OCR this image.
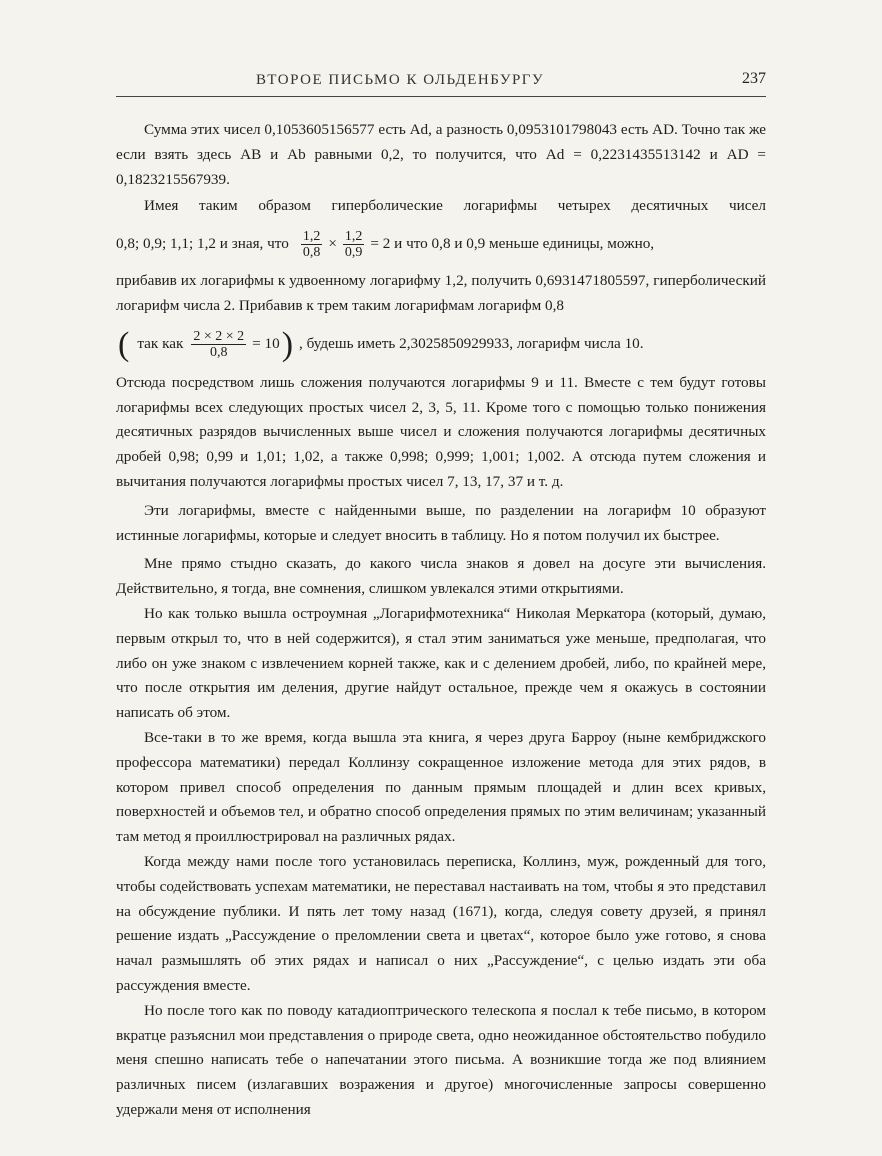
ВТОРОЕ ПИСЬМО К ОЛЬДЕНБУРГУ	237

Сумма этих чисел 0,1053605156577 есть Ad, а разность 0,0953101798043 есть AD. Точно так же если взять здесь AB и Ab равными 0,2, то получится, что Ad = 0,2231435513142 и AD = 0,1823215567939.

Имея таким образом гиперболические логарифмы четырех десятичных чисел

0,8; 0,9; 1,1; 1,2 и зная, что $\frac{1,2}{0,8} \times \frac{1,2}{0,9} = 2$ и что 0,8 и 0,9 меньше единицы, можно,

прибавив их логарифмы к удвоенному логарифму 1,2, получить 0,6931471805597, гиперболический логарифм числа 2. Прибавив к трем таким логарифмам логарифм 0,8

( так как $\frac{2 \times 2 \times 2}{0,8} = 10$ ) , будешь иметь 2,3025850929933, логарифм числа 10.

Отсюда посредством лишь сложения получаются логарифмы 9 и 11. Вместе с тем будут готовы логарифмы всех следующих простых чисел 2, 3, 5, 11. Кроме того с помощью только понижения десятичных разрядов вычисленных выше чисел и сложения получаются логарифмы десятичных дробей 0,98; 0,99 и 1,01; 1,02, а также 0,998; 0,999; 1,001; 1,002. А отсюда путем сложения и вычитания получаются логарифмы простых чисел 7, 13, 17, 37 и т. д.

Эти логарифмы, вместе с найденными выше, по разделении на логарифм 10 образуют истинные логарифмы, которые и следует вносить в таблицу. Но я потом получил их быстрее.

Мне прямо стыдно сказать, до какого числа знаков я довел на досуге эти вычисления. Действительно, я тогда, вне сомнения, слишком увлекался этими открытиями.

Но как только вышла остроумная „Логарифмотехника“ Николая Меркатора (который, думаю, первым открыл то, что в ней содержится), я стал этим заниматься уже меньше, предполагая, что либо он уже знаком с извлечением корней также, как и с делением дробей, либо, по крайней мере, что после открытия им деления, другие найдут остальное, прежде чем я окажусь в состоянии написать об этом.

Все-таки в то же время, когда вышла эта книга, я через друга Барроу (ныне кембриджского профессора математики) передал Коллинзу сокращенное изложение метода для этих рядов, в котором привел способ определения по данным прямым площадей и длин всех кривых, поверхностей и объемов тел, и обратно способ определения прямых по этим величинам; указанный там метод я проиллюстрировал на различных рядах.

Когда между нами после того установилась переписка, Коллинз, муж, рожденный для того, чтобы содействовать успехам математики, не переставал настаивать на том, чтобы я это представил на обсуждение публики. И пять лет тому назад (1671), когда, следуя совету друзей, я принял решение издать „Рассуждение о преломлении света и цветах“, которое было уже готово, я снова начал размышлять об этих рядах и написал о них „Рассуждение“, с целью издать эти оба рассуждения вместе.

Но после того как по поводу катадиоптрического телескопа я послал к тебе письмо, в котором вкратце разъяснил мои представления о природе света, одно неожиданное обстоятельство побудило меня спешно написать тебе о напечатании этого письма. А возникшие тогда же под влиянием различных писем (излагавших возражения и другое) многочисленные запросы совершенно удержали меня от исполнения
